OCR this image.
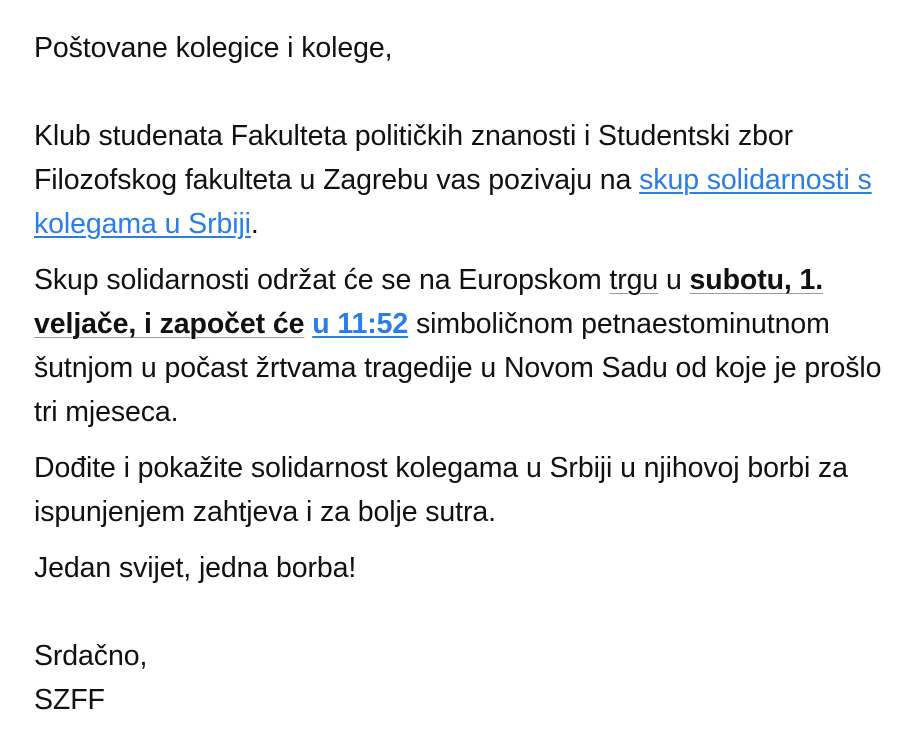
Poštovane kolegice i kolege,

Klub studenata Fakulteta političkih znanosti i Studentski zbor Filozofskog fakulteta u Zagrebu vas pozivaju na skup solidarnosti s kolegama u Srbiji.

Skup solidarnosti održat će se na Europskom trgu u subotu, 1. veljače, i započet će u 11:52 simboličnom petnaestominutnom šutnjom u počast žrtvama tragedije u Novom Sadu od koje je prošlo tri mjeseca.

Dođite i pokažite solidarnost kolegama u Srbiji u njihovoj borbi za ispunjenjem zahtjeva i za bolje sutra.

Jedan svijet, jedna borba!

Srdačno,

SZFF
